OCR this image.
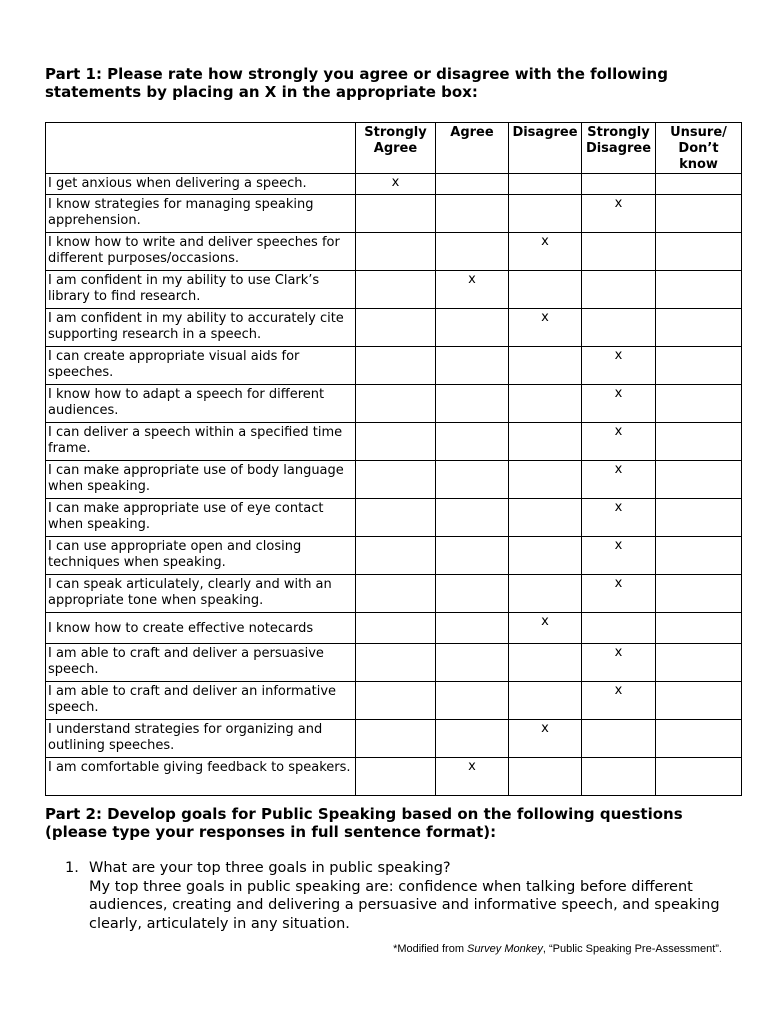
Part 1: Please rate how strongly you agree or disagree with the following statements by placing an X in the appropriate box:
	Strongly Agree	Agree	Disagree	Strongly Disagree	Unsure/ Don’t know
I get anxious when delivering a speech.	x				
I know strategies for managing speaking apprehension.				x	
I know how to write and deliver speeches for different purposes/occasions.			x		
I am confident in my ability to use Clark’s library to find research.		x			
I am confident in my ability to accurately cite supporting research in a speech.			x		
I can create appropriate visual aids for speeches.				x	
I know how to adapt a speech for different audiences.				x	
I can deliver a speech within a specified time frame.				x	
I can make appropriate use of body language when speaking.				x	
I can make appropriate use of eye contact when speaking.				x	
I can use appropriate open and closing techniques when speaking.				x	
I can speak articulately, clearly and with an appropriate tone when speaking.				x	
I know how to create effective notecards			x		
I am able to craft and deliver a persuasive speech.				x	
I am able to craft and deliver an informative speech.				x	
I understand strategies for organizing and outlining speeches.			x		
I am comfortable giving feedback to speakers.		x			
Part 2: Develop goals for Public Speaking based on the following questions (please type your responses in full sentence format):
1. What are your top three goals in public speaking?
My top three goals in public speaking are: confidence when talking before different audiences, creating and delivering a persuasive and informative speech, and speaking clearly, articulately in any situation.
*Modified from Survey Monkey, “Public Speaking Pre-Assessment”.
